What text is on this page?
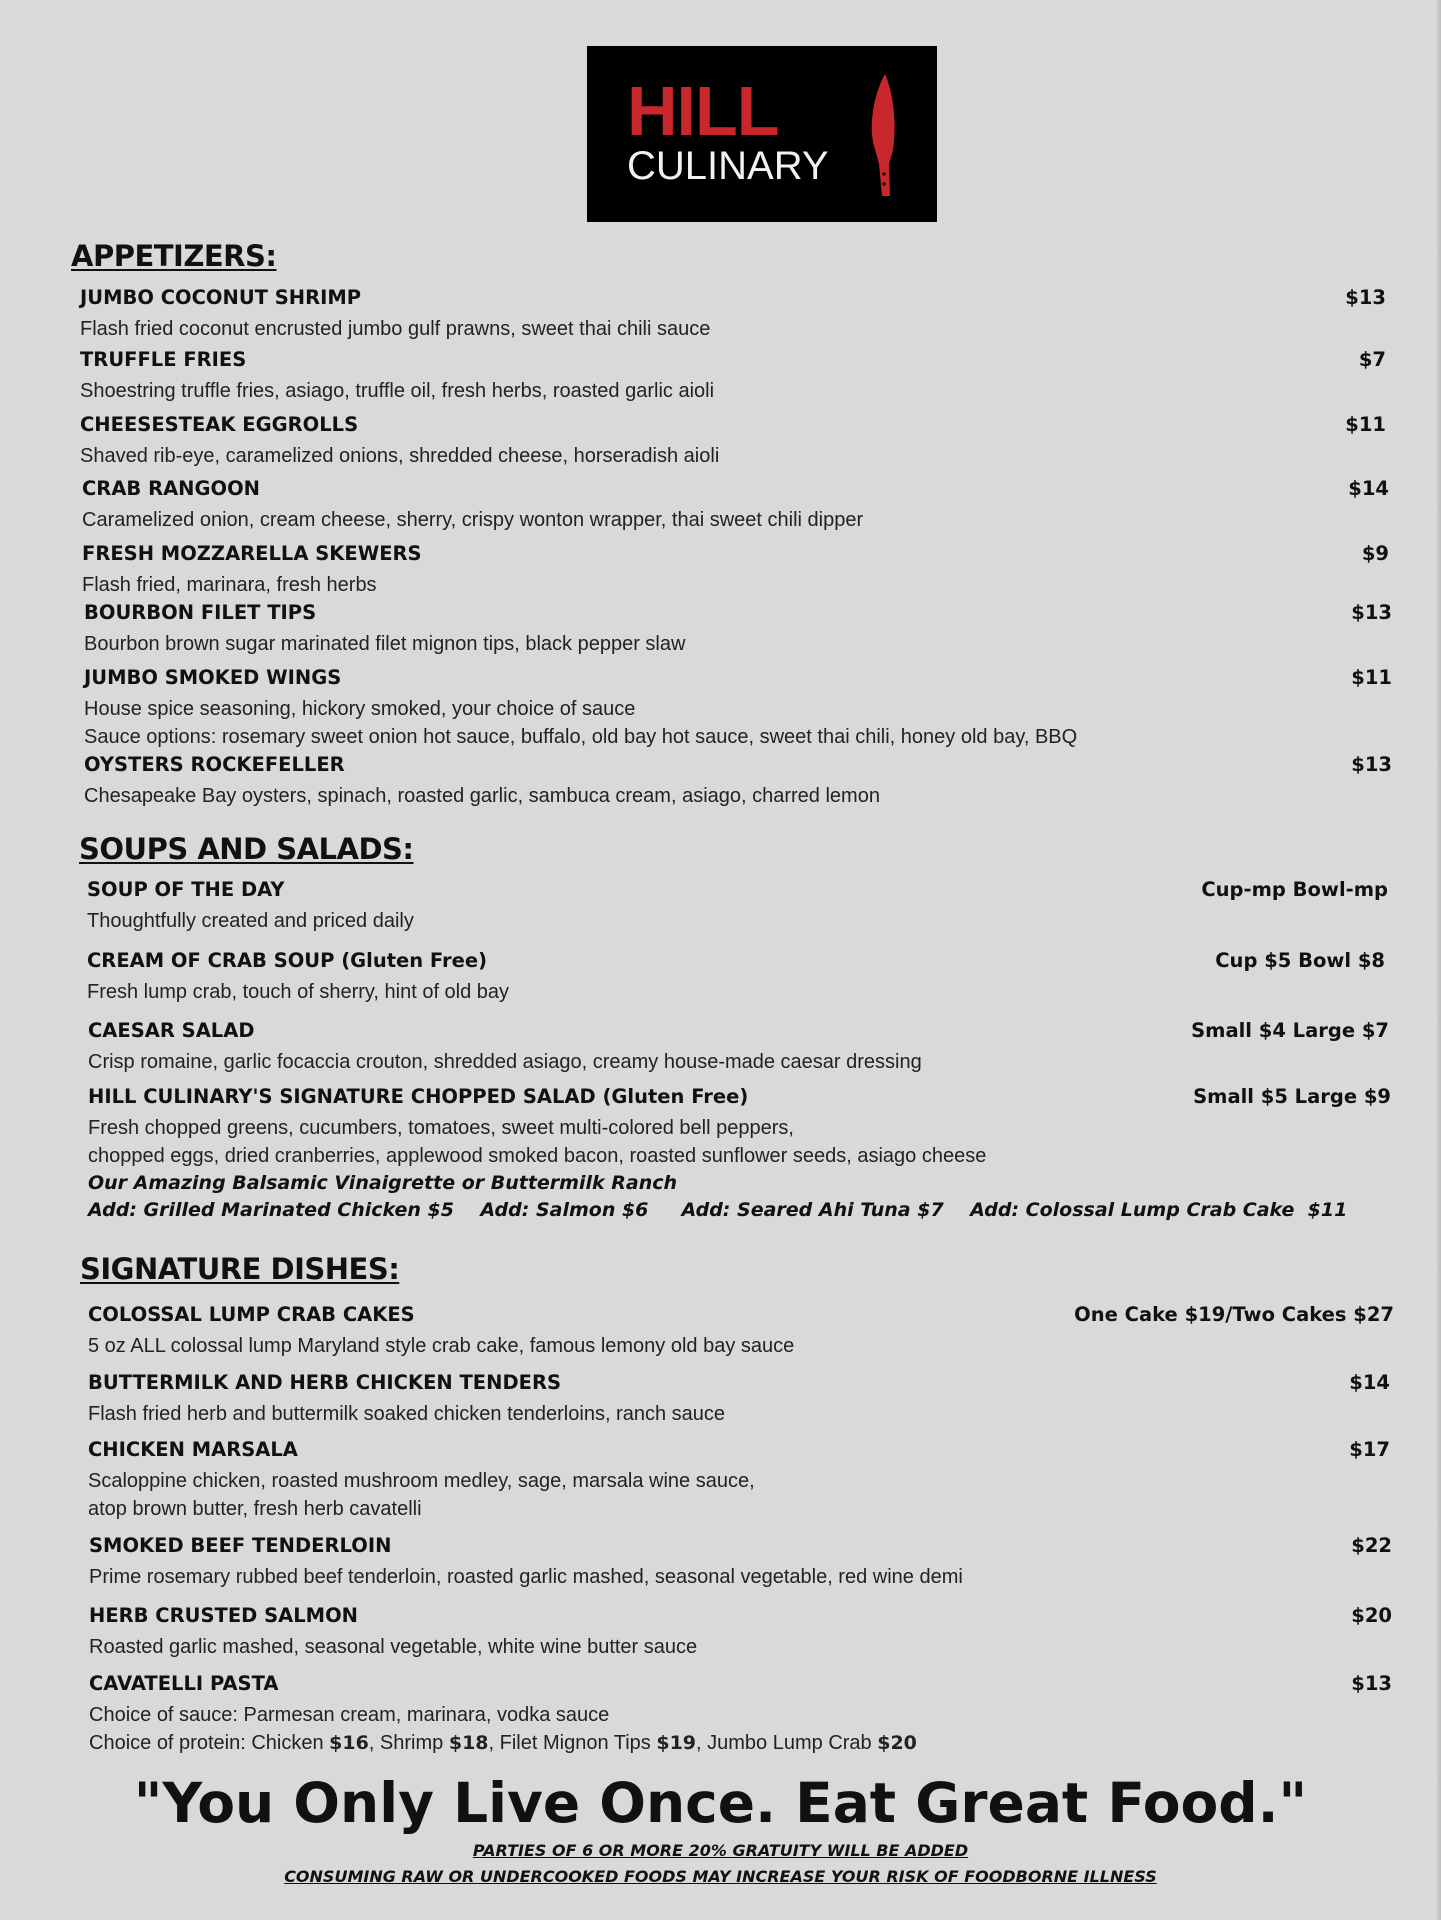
HILL
CULINARY
APPETIZERS:
JUMBO COCONUT SHRIMP	$13
Flash fried coconut encrusted jumbo gulf prawns, sweet thai chili sauce
TRUFFLE FRIES	$7
Shoestring truffle fries, asiago, truffle oil, fresh herbs, roasted garlic aioli
CHEESESTEAK EGGROLLS	$11
Shaved rib-eye, caramelized onions, shredded cheese, horseradish aioli
CRAB RANGOON	$14
Caramelized onion, cream cheese, sherry, crispy wonton wrapper, thai sweet chili dipper
FRESH MOZZARELLA SKEWERS	$9
Flash fried, marinara, fresh herbs
BOURBON FILET TIPS	$13
Bourbon brown sugar marinated filet mignon tips, black pepper slaw
JUMBO SMOKED WINGS	$11
House spice seasoning, hickory smoked, your choice of sauce
Sauce options: rosemary sweet onion hot sauce, buffalo, old bay hot sauce, sweet thai chili, honey old bay, BBQ
OYSTERS ROCKEFELLER	$13
Chesapeake Bay oysters, spinach, roasted garlic, sambuca cream, asiago, charred lemon
SOUPS AND SALADS:
SOUP OF THE DAY	Cup-mp Bowl-mp
Thoughtfully created and priced daily
CREAM OF CRAB SOUP (Gluten Free)	Cup $5 Bowl $8
Fresh lump crab, touch of sherry, hint of old bay
CAESAR SALAD	Small $4 Large $7
Crisp romaine, garlic focaccia crouton, shredded asiago, creamy house-made caesar dressing
HILL CULINARY'S SIGNATURE CHOPPED SALAD (Gluten Free)	Small $5 Large $9
Fresh chopped greens, cucumbers, tomatoes, sweet multi-colored bell peppers,
chopped eggs, dried cranberries, applewood smoked bacon, roasted sunflower seeds, asiago cheese
Our Amazing Balsamic Vinaigrette or Buttermilk Ranch
Add: Grilled Marinated Chicken $5    Add: Salmon $6     Add: Seared Ahi Tuna $7    Add: Colossal Lump Crab Cake  $11
SIGNATURE DISHES:
COLOSSAL LUMP CRAB CAKES	One Cake $19/Two Cakes $27
5 oz ALL colossal lump Maryland style crab cake, famous lemony old bay sauce
BUTTERMILK AND HERB CHICKEN TENDERS	$14
Flash fried herb and buttermilk soaked chicken tenderloins, ranch sauce
CHICKEN MARSALA	$17
Scaloppine chicken, roasted mushroom medley, sage, marsala wine sauce,
atop brown butter, fresh herb cavatelli
SMOKED BEEF TENDERLOIN	$22
Prime rosemary rubbed beef tenderloin, roasted garlic mashed, seasonal vegetable, red wine demi
HERB CRUSTED SALMON	$20
Roasted garlic mashed, seasonal vegetable, white wine butter sauce
CAVATELLI PASTA	$13
Choice of sauce: Parmesan cream, marinara, vodka sauce
Choice of protein: Chicken $16, Shrimp $18, Filet Mignon Tips $19, Jumbo Lump Crab $20
"You Only Live Once. Eat Great Food."
PARTIES OF 6 OR MORE 20% GRATUITY WILL BE ADDED
CONSUMING RAW OR UNDERCOOKED FOODS MAY INCREASE YOUR RISK OF FOODBORNE ILLNESS
